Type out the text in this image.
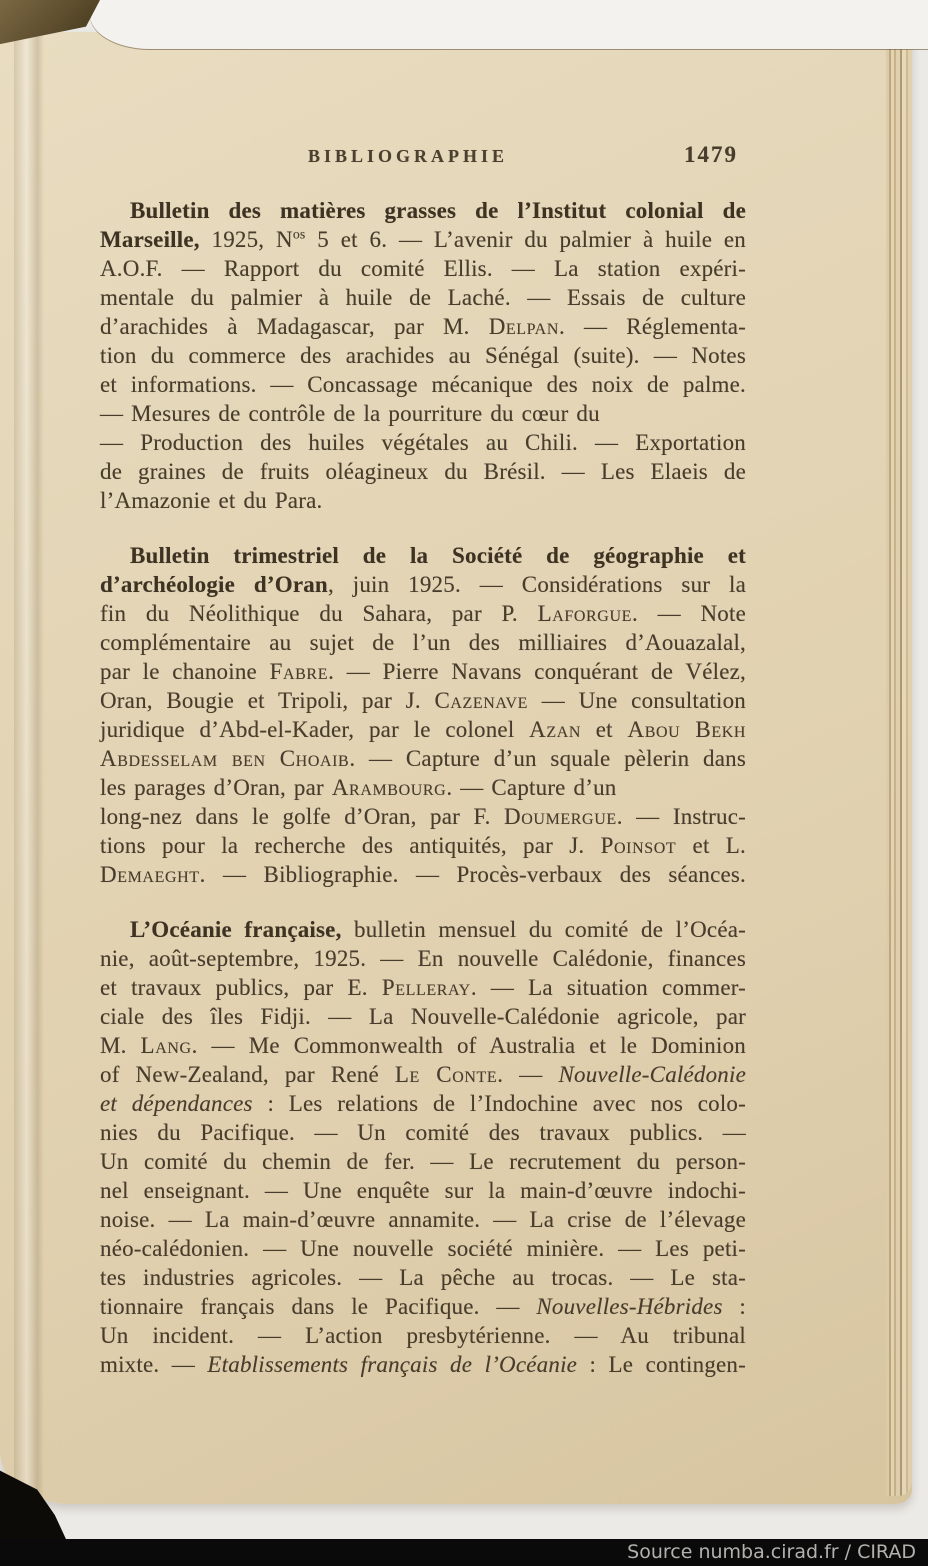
BIBLIOGRAPHIE	1479
Bulletin des matières grasses de l’Institut colonial de
Marseille, 1925, $N^{os}$ 5 et 6. — L’avenir du palmier à huile en
A.O.F. — Rapport du comité Ellis. — La station expéri-
mentale du palmier à huile de Laché. — Essais de culture
d’arachides à Madagascar, par M. Delpan. — Réglementa-
tion du commerce des arachides au Sénégal (suite). — Notes
et informations. — Concassage mécanique des noix de palme.
— Mesures de contrôle de la pourriture du cœur du
— Production des huiles végétales au Chili. — Exportation
de graines de fruits oléagineux du Brésil. — Les Elaeis de
l’Amazonie et du Para.
Bulletin trimestriel de la Société de géographie et
d’archéologie d’Oran, juin 1925. — Considérations sur la
fin du Néolithique du Sahara, par P. Laforgue. — Note
complémentaire au sujet de l’un des milliaires d’Aouazalal,
par le chanoine Fabre. — Pierre Navans conquérant de Vélez,
Oran, Bougie et Tripoli, par J. Cazenave — Une consultation
juridique d’Abd-el-Kader, par le colonel Azan et Abou Bekh
Abdesselam ben Choaib. — Capture d’un squale pèlerin dans
les parages d’Oran, par Arambourg. — Capture d’un
long-nez dans le golfe d’Oran, par F. Doumergue. — Instruc-
tions pour la recherche des antiquités, par J. Poinsot et L.
Demaeght. — Bibliographie. — Procès-verbaux des séances.
L’Océanie française, bulletin mensuel du comité de l’Océa-
nie, août-septembre, 1925. — En nouvelle Calédonie, finances
et travaux publics, par E. Pelleray. — La situation commer-
ciale des îles Fidji. — La Nouvelle-Calédonie agricole, par
M. Lang. — Me Commonwealth of Australia et le Dominion
of New-Zealand, par René Le Conte. — Nouvelle-Calédonie
et dépendances : Les relations de l’Indochine avec nos colo-
nies du Pacifique. — Un comité des travaux publics. —
Un comité du chemin de fer. — Le recrutement du person-
nel enseignant. — Une enquête sur la main-d’œuvre indochi-
noise. — La main-d’œuvre annamite. — La crise de l’élevage
néo-calédonien. — Une nouvelle société minière. — Les peti-
tes industries agricoles. — La pêche au trocas. — Le sta-
tionnaire français dans le Pacifique. — Nouvelles-Hébrides :
Un incident. — L’action presbytérienne. — Au tribunal
mixte. — Etablissements français de l’Océanie : Le contingen-
Source numba.cirad.fr / CIRAD
